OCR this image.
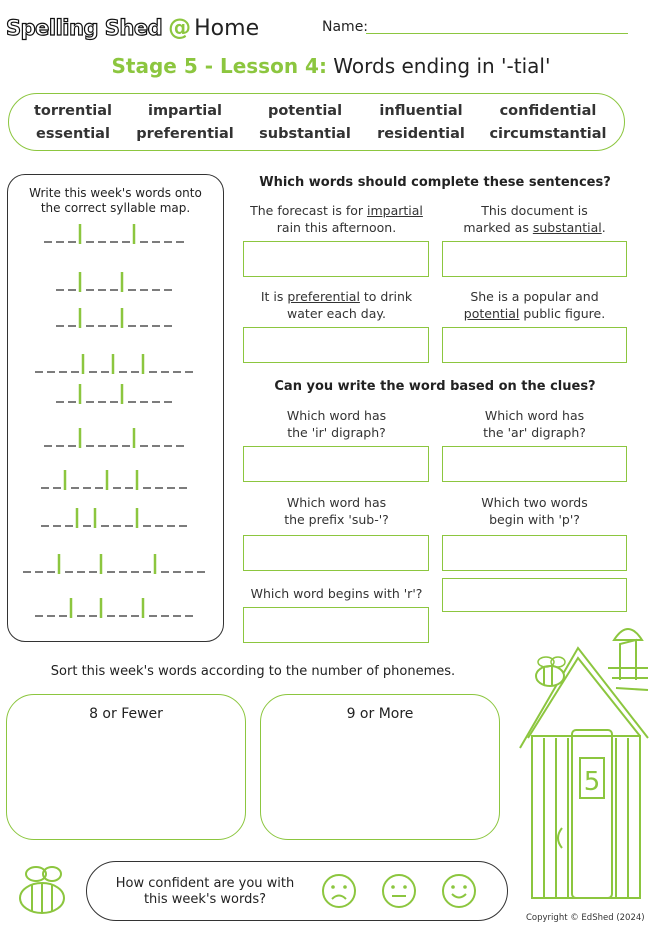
Spelling Shed @ Home	Name:
Stage 5 - Lesson 4: Words ending in '-tial'
torrential	impartial	potential	influential	confidential
essential	preferential	substantial	residential	circumstantial
Write this week's words onto
the correct syllable map.
Which words should complete these sentences?
The forecast is for impartial
rain this afternoon.
This document is
marked as substantial.
It is preferential to drink
water each day.
She is a popular and
potential public figure.
Can you write the word based on the clues?
Which word has
the 'ir' digraph?
Which word has
the 'ar' digraph?
Which word has
the prefix 'sub-'?
Which two words
begin with 'p'?
Which word begins with 'r'?
Sort this week's words according to the number of phonemes.
8 or Fewer	9 or More
5
How confident are you with
this week's words?
Copyright © EdShed (2024)
